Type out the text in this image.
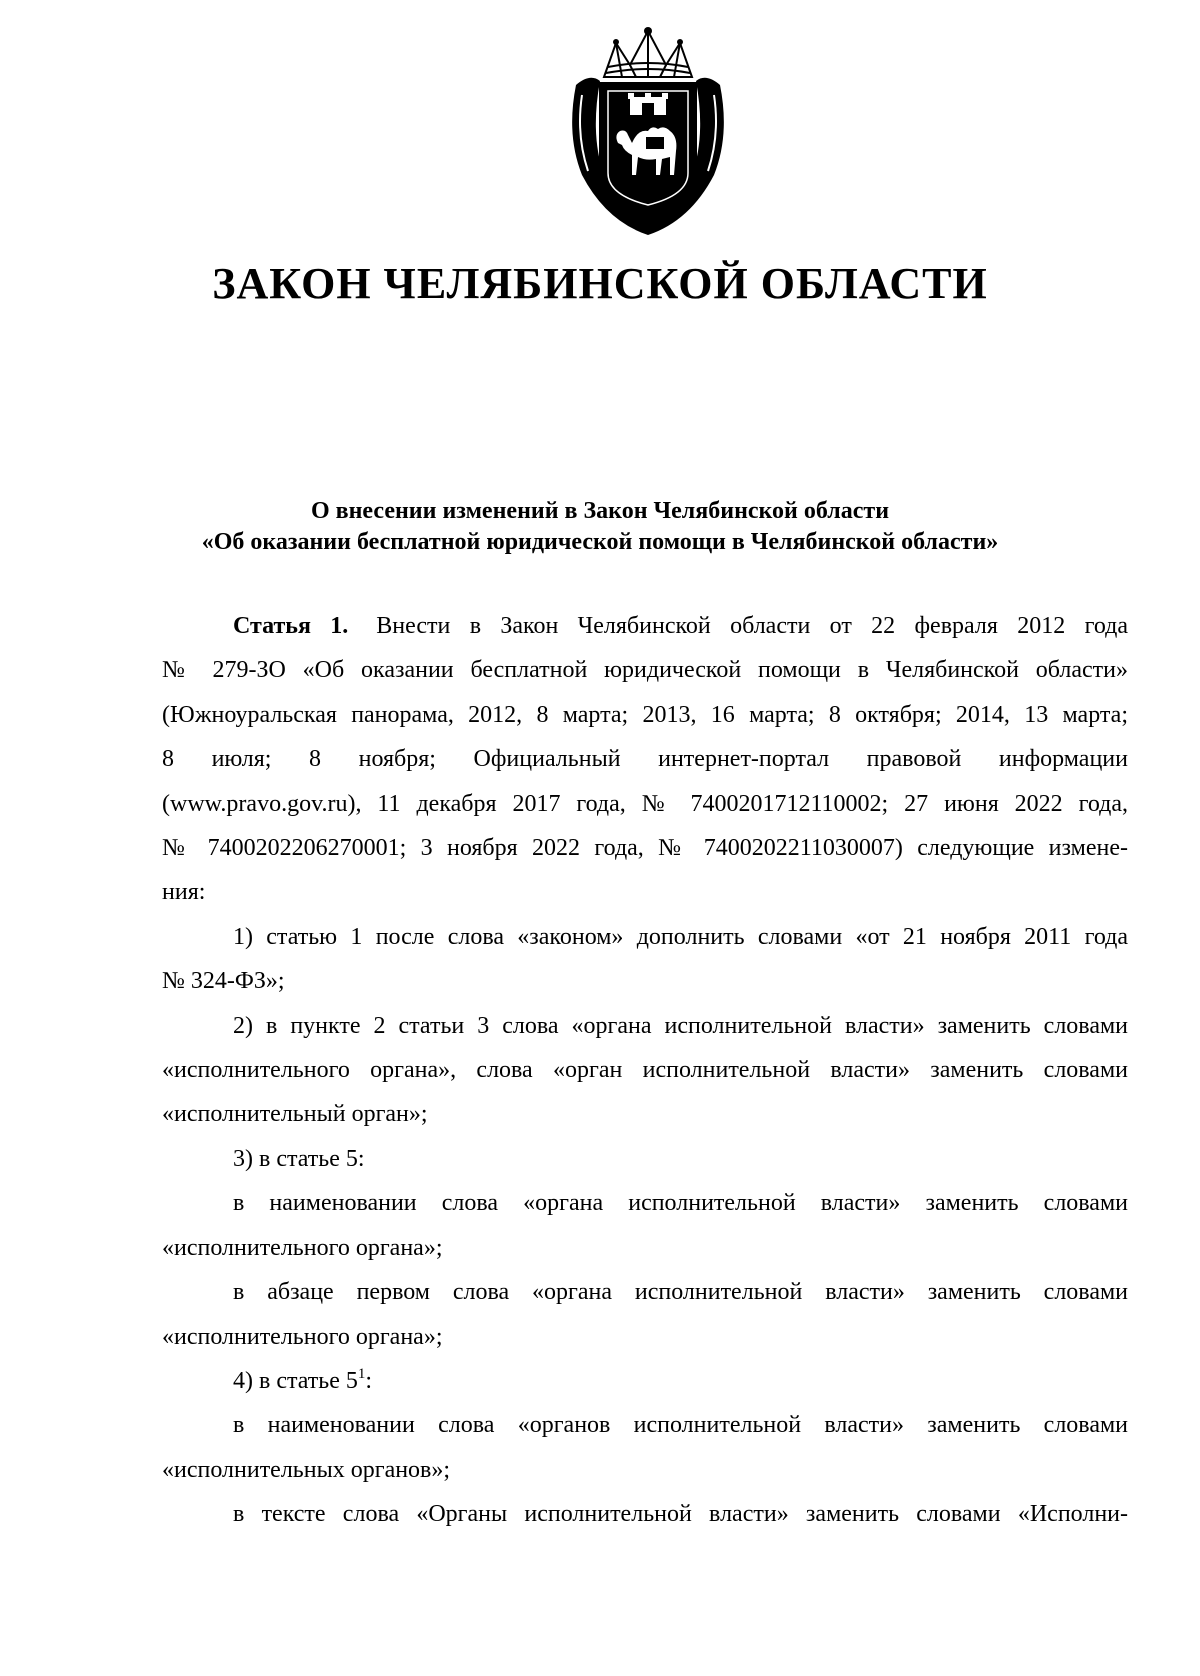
ЗАКОН ЧЕЛЯБИНСКОЙ ОБЛАСТИ
О внесении изменений в Закон Челябинской области
«Об оказании бесплатной юридической помощи в Челябинской области»
Статья 1. Внести в Закон Челябинской области от 22 февраля 2012 года
№ 279-ЗО «Об оказании бесплатной юридической помощи в Челябинской области»
(Южноуральская панорама, 2012, 8 марта; 2013, 16 марта; 8 октября; 2014, 13 марта;
8 июля; 8 ноября; Официальный интернет-портал правовой информации
(www.pravo.gov.ru), 11 декабря 2017 года, № 7400201712110002; 27 июня 2022 года,
№ 7400202206270001; 3 ноября 2022 года, № 7400202211030007) следующие измене-
ния:
1) статью 1 после слова «законом» дополнить словами «от 21 ноября 2011 года
№ 324-ФЗ»;
2) в пункте 2 статьи 3 слова «органа исполнительной власти» заменить словами
«исполнительного органа», слова «орган исполнительной власти» заменить словами
«исполнительный орган»;
3) в статье 5:
в наименовании слова «органа исполнительной власти» заменить словами
«исполнительного органа»;
в абзаце первом слова «органа исполнительной власти» заменить словами
«исполнительного органа»;
4) в статье $5^1$:
в наименовании слова «органов исполнительной власти» заменить словами
«исполнительных органов»;
в тексте слова «Органы исполнительной власти» заменить словами «Исполни-
